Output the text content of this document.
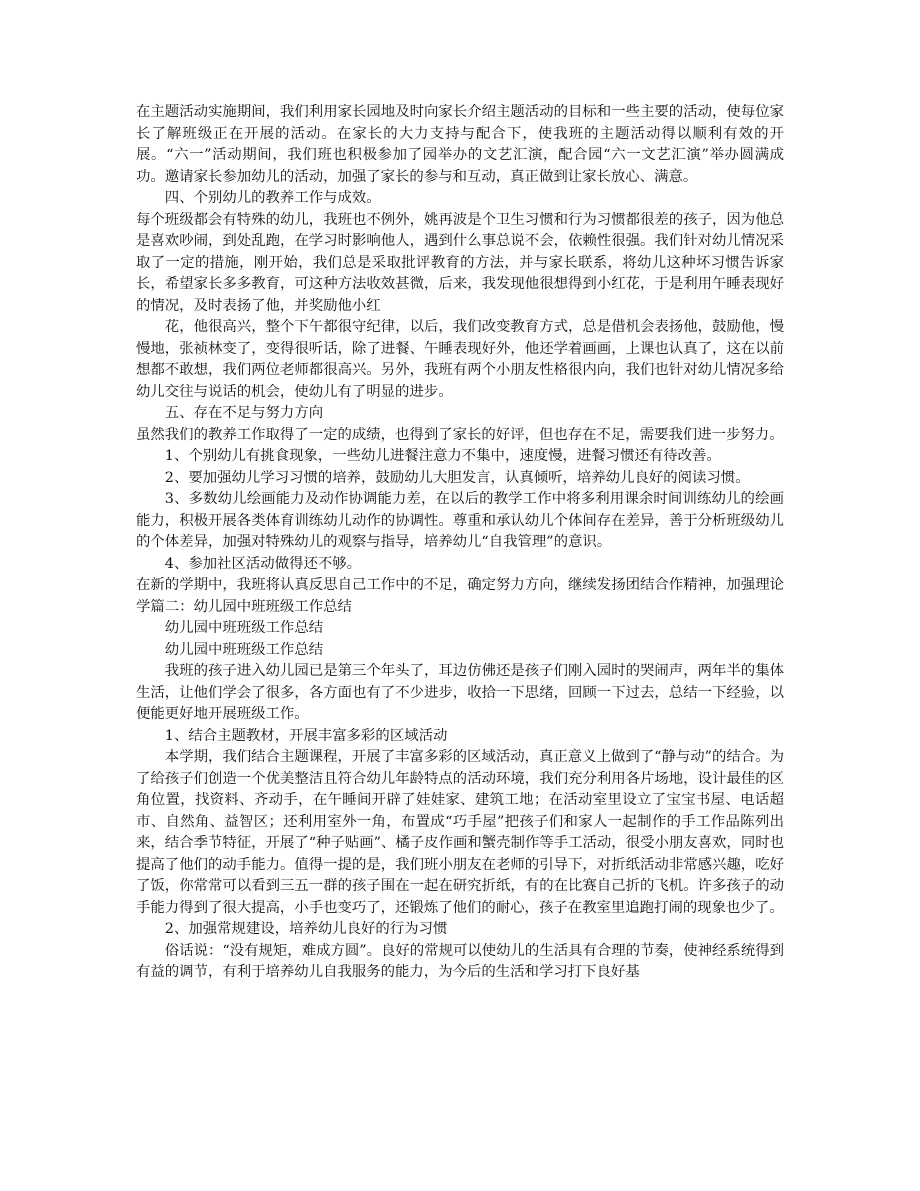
在主题活动实施期间，我们利用家长园地及时向家长介绍主题活动的目标和一些主要的活动，使每位家长了解班级正在开展的活动。在家长的大力支持与配合下，使我班的主题活动得以顺利有效的开展。“六一”活动期间，我们班也积极参加了园举办的文艺汇演，配合园“六一文艺汇演”举办圆满成功。邀请家长参加幼儿的活动，加强了家长的参与和互动，真正做到让家长放心、满意。

四、个别幼儿的教养工作与成效。

每个班级都会有特殊的幼儿，我班也不例外，姚再波是个卫生习惯和行为习惯都很差的孩子，因为他总是喜欢吵闹，到处乱跑，在学习时影响他人，遇到什么事总说不会，依赖性很强。我们针对幼儿情况采取了一定的措施，刚开始，我们总是采取批评教育的方法，并与家长联系，将幼儿这种坏习惯告诉家长，希望家长多多教育，可这种方法收效甚微，后来，我发现他很想得到小红花，于是利用午睡表现好的情况，及时表扬了他，并奖励他小红

花，他很高兴，整个下午都很守纪律，以后，我们改变教育方式，总是借机会表扬他，鼓励他，慢慢地，张祯林变了，变得很听话，除了进餐、午睡表现好外，他还学着画画，上课也认真了，这在以前想都不敢想，我们两位老师都很高兴。另外，我班有两个小朋友性格很内向，我们也针对幼儿情况多给幼儿交往与说话的机会，使幼儿有了明显的进步。

五、存在不足与努力方向

虽然我们的教养工作取得了一定的成绩，也得到了家长的好评，但也存在不足，需要我们进一步努力。

1、个别幼儿有挑食现象，一些幼儿进餐注意力不集中，速度慢，进餐习惯还有待改善。

2、要加强幼儿学习习惯的培养，鼓励幼儿大胆发言，认真倾听，培养幼儿良好的阅读习惯。

3、多数幼儿绘画能力及动作协调能力差，在以后的教学工作中将多利用课余时间训练幼儿的绘画能力，积极开展各类体育训练幼儿动作的协调性。尊重和承认幼儿个体间存在差异，善于分析班级幼儿的个体差异，加强对特殊幼儿的观察与指导，培养幼儿“自我管理”的意识。

4、参加社区活动做得还不够。

在新的学期中，我班将认真反思自己工作中的不足，确定努力方向，继续发扬团结合作精神，加强理论学篇二：幼儿园中班班级工作总结

幼儿园中班班级工作总结

幼儿园中班班级工作总结

我班的孩子进入幼儿园已是第三个年头了，耳边仿佛还是孩子们刚入园时的哭闹声，两年半的集体生活，让他们学会了很多，各方面也有了不少进步，收拾一下思绪，回顾一下过去，总结一下经验，以便能更好地开展班级工作。

1、结合主题教材，开展丰富多彩的区域活动

本学期，我们结合主题课程，开展了丰富多彩的区域活动，真正意义上做到了“静与动”的结合。为了给孩子们创造一个优美整洁且符合幼儿年龄特点的活动环境，我们充分利用各片场地，设计最佳的区角位置，找资料、齐动手，在午睡间开辟了娃娃家、建筑工地；在活动室里设立了宝宝书屋、电话超市、自然角、益智区；还利用室外一角，布置成“巧手屋”把孩子们和家人一起制作的手工作品陈列出来，结合季节特征，开展了“种子贴画”、橘子皮作画和蟹壳制作等手工活动，很受小朋友喜欢，同时也提高了他们的动手能力。值得一提的是，我们班小朋友在老师的引导下，对折纸活动非常感兴趣，吃好了饭，你常常可以看到三五一群的孩子围在一起在研究折纸，有的在比赛自己折的飞机。许多孩子的动手能力得到了很大提高，小手也变巧了，还锻炼了他们的耐心，孩子在教室里追跑打闹的现象也少了。

2、加强常规建设，培养幼儿良好的行为习惯

俗话说：“没有规矩，难成方圆”。良好的常规可以使幼儿的生活具有合理的节奏，使神经系统得到有益的调节，有利于培养幼儿自我服务的能力，为今后的生活和学习打下良好基
